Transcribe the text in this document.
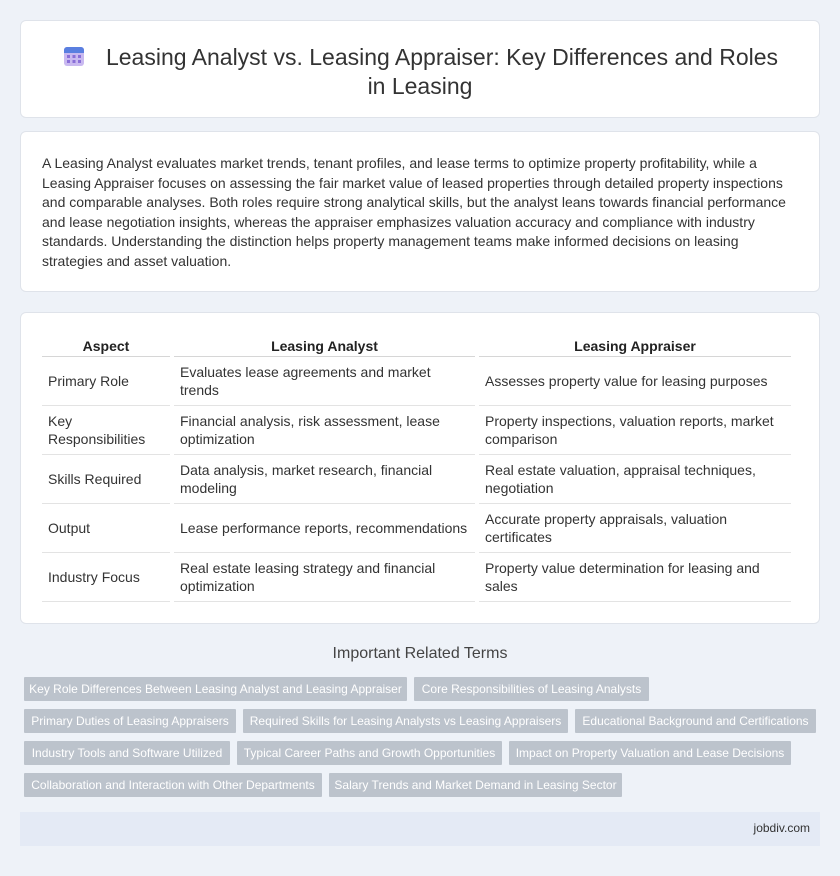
Leasing Analyst vs. Leasing Appraiser: Key Differences and Roles in Leasing

A Leasing Analyst evaluates market trends, tenant profiles, and lease terms to optimize property profitability, while a Leasing Appraiser focuses on assessing the fair market value of leased properties through detailed property inspections and comparable analyses. Both roles require strong analytical skills, but the analyst leans towards financial performance and lease negotiation insights, whereas the appraiser emphasizes valuation accuracy and compliance with industry standards. Understanding the distinction helps property management teams make informed decisions on leasing strategies and asset valuation.

Aspect	Leasing Analyst	Leasing Appraiser
Primary Role	Evaluates lease agreements and market trends	Assesses property value for leasing purposes
Key Responsibilities	Financial analysis, risk assessment, lease optimization	Property inspections, valuation reports, market comparison
Skills Required	Data analysis, market research, financial modeling	Real estate valuation, appraisal techniques, negotiation
Output	Lease performance reports, recommendations	Accurate property appraisals, valuation certificates
Industry Focus	Real estate leasing strategy and financial optimization	Property value determination for leasing and sales
Important Related Terms
Key Role Differences Between Leasing Analyst and Leasing Appraiser	Core Responsibilities of Leasing Analysts
Primary Duties of Leasing Appraisers	Required Skills for Leasing Analysts vs Leasing Appraisers	Educational Background and Certifications
Industry Tools and Software Utilized	Typical Career Paths and Growth Opportunities	Impact on Property Valuation and Lease Decisions
Collaboration and Interaction with Other Departments	Salary Trends and Market Demand in Leasing Sector
jobdiv.com
